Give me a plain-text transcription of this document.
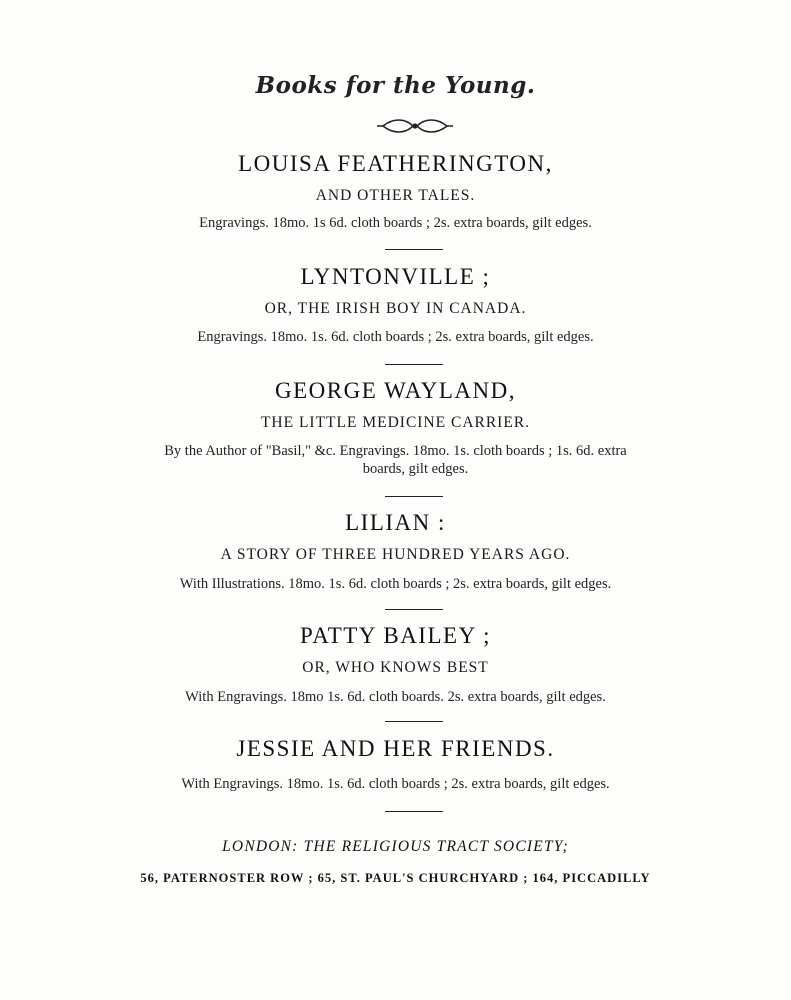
Books for the Young.
LOUISA FEATHERINGTON,
AND OTHER TALES.
Engravings. 18mo. 1s 6d. cloth boards ; 2s. extra boards, gilt edges.
LYNTONVILLE ;
OR, THE IRISH BOY IN CANADA.
Engravings. 18mo. 1s. 6d. cloth boards ; 2s. extra boards, gilt edges.
GEORGE WAYLAND,
THE LITTLE MEDICINE CARRIER.
By the Author of "Basil," &c. Engravings. 18mo. 1s. cloth boards ; 1s. 6d. extra
boards, gilt edges.
LILIAN :
A STORY OF THREE HUNDRED YEARS AGO.
With Illustrations. 18mo. 1s. 6d. cloth boards ; 2s. extra boards, gilt edges.
PATTY BAILEY ;
OR, WHO KNOWS BEST
With Engravings. 18mo 1s. 6d. cloth boards. 2s. extra boards, gilt edges.
JESSIE AND HER FRIENDS.
With Engravings. 18mo. 1s. 6d. cloth boards ; 2s. extra boards, gilt edges.
LONDON: THE RELIGIOUS TRACT SOCIETY;
56, PATERNOSTER ROW ; 65, ST. PAUL'S CHURCHYARD ; 164, PICCADILLY
